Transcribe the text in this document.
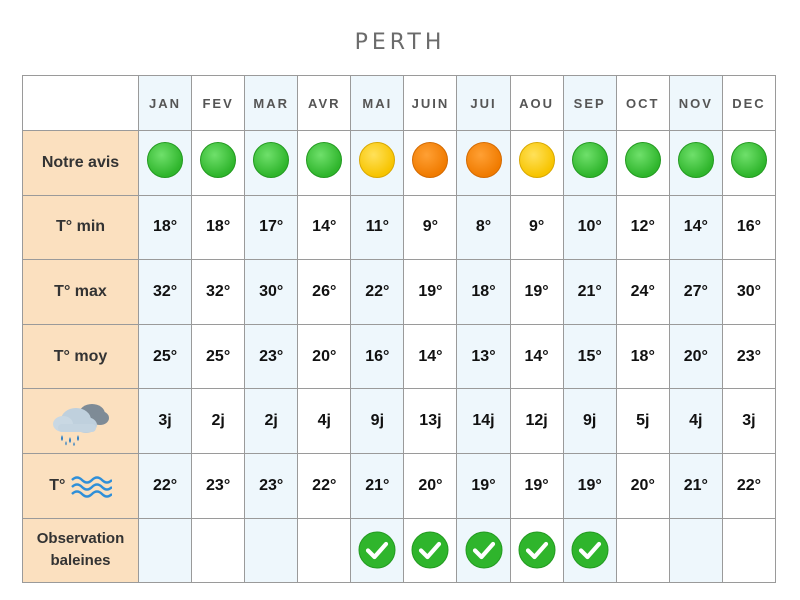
PERTH
	JAN	FEV	MAR	AVR	MAI	JUIN	JUI	AOU	SEP	OCT	NOV	DEC
Notre avis												
T° min	18°	18°	17°	14°	11°	9°	8°	9°	10°	12°	14°	16°
T° max	32°	32°	30°	26°	22°	19°	18°	19°	21°	24°	27°	30°
T° moy	25°	25°	23°	20°	16°	14°	13°	14°	15°	18°	20°	23°
	3j	2j	2j	4j	9j	13j	14j	12j	9j	5j	4j	3j
T°	22°	23°	23°	22°	21°	20°	19°	19°	19°	20°	21°	22°
Observation
baleines												
